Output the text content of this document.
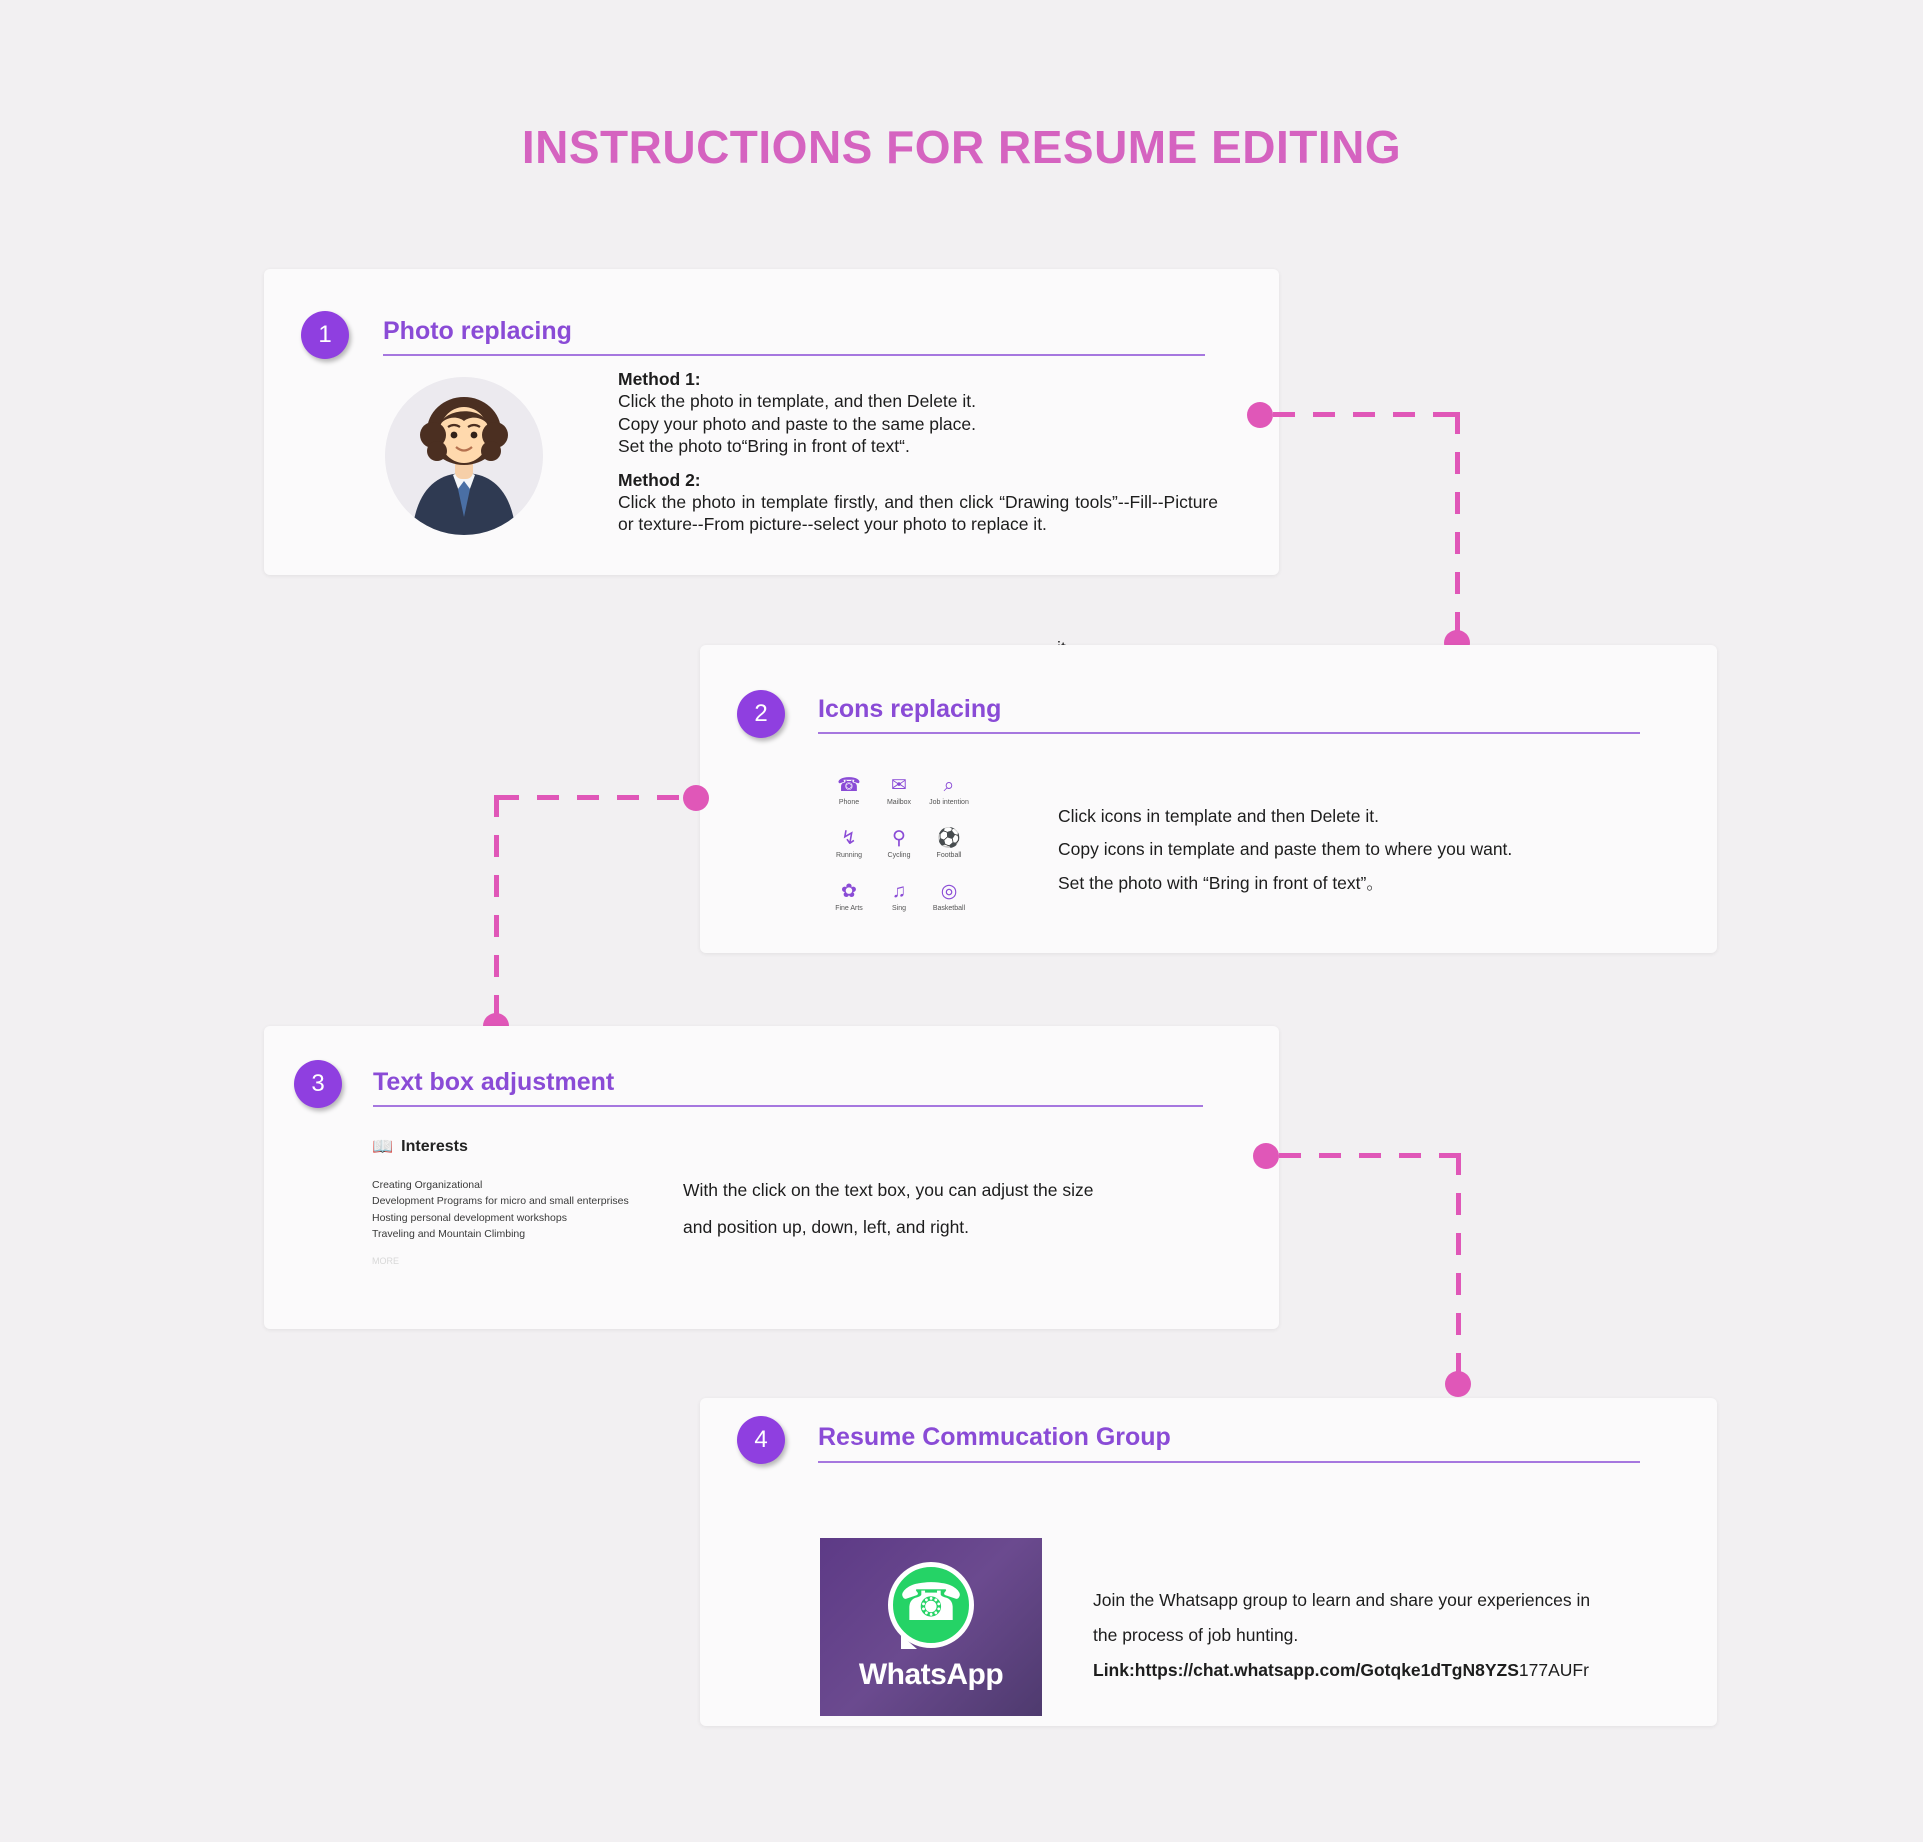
INSTRUCTIONS FOR RESUME EDITING
1 Photo replacing
Method 1:
Click the photo in template, and then Delete it.
Copy your photo and paste to the same place.
Set the photo to“Bring in front of text“.
Method 2:
Click the photo in template firstly, and then click “Drawing tools”--Fill--Picture or texture--From picture--select your photo to replace it.
2 Icons replacing
☎
Phone
✉
Mailbox
⌕
Job intention
↯
Running
⚲
Cycling
⚽
Football
✿
Fine Arts
♫
Sing
◎
Basketball
Click icons in template and then Delete it.
Copy icons in template and paste them to where you want.
Set the photo with “Bring in front of text”。
3 Text box adjustment
📖 Interests
Creating Organizational
Development Programs for micro and small enterprises
Hosting personal development workshops
Traveling and Mountain Climbing
MORE
With the click on the text box, you can adjust the size
and position up, down, left, and right.
4 Resume Commucation Group
☎
WhatsApp
Join the Whatsapp group to learn and share your experiences in
the process of job hunting.
Link:https://chat.whatsapp.com/Gotqke1dTgN8YZS177AUFr
